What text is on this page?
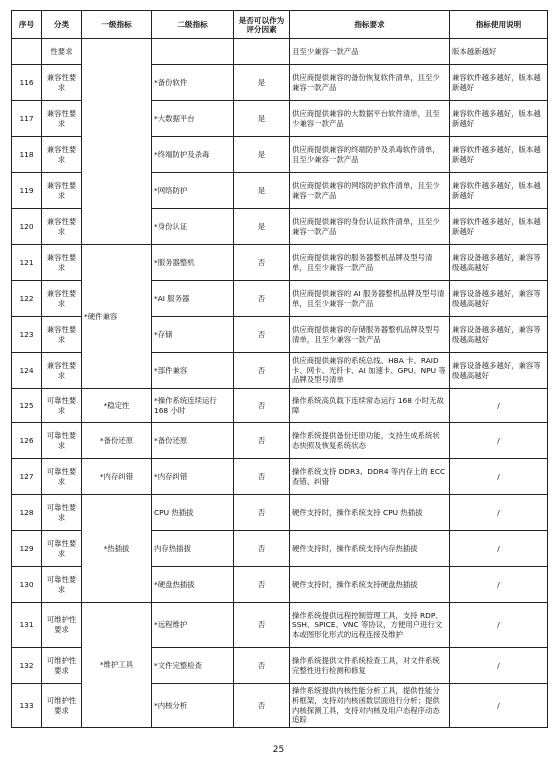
序号	分类	一级指标	二级指标	是否可以作为评分因素	指标要求	指标使用说明
	性要求				且至少兼容一款产品	版本越新越好
116	兼容性要求		*备份软件	是	供应商提供兼容的备份恢复软件清单，且至少兼容一款产品	兼容软件越多越好，版本越新越好
117	兼容性要求		*大数据平台	是	供应商提供兼容的大数据平台软件清单，且至少兼容一款产品	兼容软件越多越好，版本越新越好
118	兼容性要求		*终端防护及杀毒	是	供应商提供兼容的终端防护及杀毒软件清单，且至少兼容一款产品	兼容软件越多越好，版本越新越好
119	兼容性要求		*网络防护	是	供应商提供兼容的网络防护软件清单，且至少兼容一款产品	兼容软件越多越好，版本越新越好
120	兼容性要求		*身份认证	是	供应商提供兼容的身份认证软件清单，且至少兼容一款产品	兼容软件越多越好，版本越新越好
121	兼容性要求	*硬件兼容	*服务器整机	否	供应商提供兼容的服务器整机品牌及型号清单，且至少兼容一款产品	兼容设备越多越好，兼容等级越高越好
122	兼容性要求		*AI 服务器	否	供应商提供兼容的 AI 服务器整机品牌及型号清单，且至少兼容一款产品	兼容设备越多越好，兼容等级越高越好
123	兼容性要求		*存储	否	供应商提供兼容的存储服务器整机品牌及型号清单，且至少兼容一款产品	兼容设备越多越好，兼容等级越高越好
124	兼容性要求		*部件兼容	否	供应商提供兼容的系统总线、HBA 卡、RAID 卡、网卡、光纤卡、AI 加速卡、GPU、NPU 等品牌及型号清单	兼容设备越多越好，兼容等级越高越好
125	可靠性要求	*稳定性	*操作系统连续运行 168 小时	否	操作系统高负载下连续常态运行 168 小时无故障	/
126	可靠性要求	*备份还原	*备份还原	否	操作系统提供备份还原功能，支持生成系统状态快照及恢复系统状态	/
127	可靠性要求	*内存纠错	*内存纠错	否	操作系统支持 DDR3、DDR4 等内存上的 ECC 查错、纠错	/
128	可靠性要求	*热插拔	CPU 热插拔	否	硬件支持时，操作系统支持 CPU 热插拔	/
129	可靠性要求		内存热插拔	否	硬件支持时，操作系统支持内存热插拔	/
130	可靠性要求		*硬盘热插拔	否	硬件支持时，操作系统支持硬盘热插拔	/
131	可维护性要求	*维护工具	*远程维护	否	操作系统提供远程控制管理工具，支持 RDP、SSH、SPICE、VNC 等协议，方便用户进行文本或图形化形式的远程连接及维护	/
132	可维护性要求		*文件完整检查	否	操作系统提供文件系统检查工具，对文件系统完整性进行检测和修复	/
133	可维护性要求		*内核分析	否	操作系统提供内核性能分析工具，提供性能分析框架，支持对内核函数层面进行分析；提供内核探测工具，支持对内核及用户态程序动态追踪	/
25
